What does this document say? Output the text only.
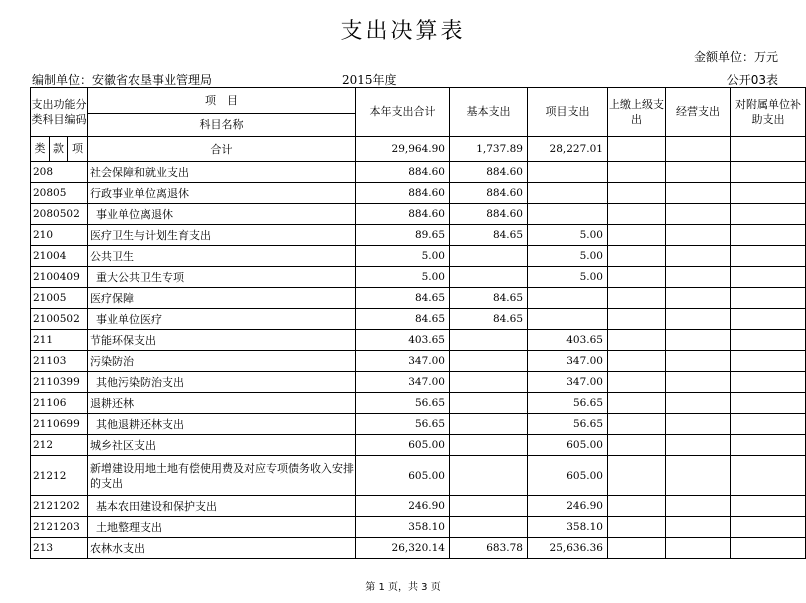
支出决算表
金额单位：万元
编制单位：安徽省农垦事业管理局	2015年度	公开03表
支出功能分类科目编码			项　目	本年支出合计	基本支出	项目支出	上缴上级支出	经营支出	对附属单位补助支出
			科目名称						
类	款	项	合计	29,964.90	1,737.89	28,227.01			
208			社会保障和就业支出	884.60	884.60				
20805			行政事业单位离退休	884.60	884.60				
2080502			事业单位离退休	884.60	884.60				
210			医疗卫生与计划生育支出	89.65	84.65	5.00			
21004			公共卫生	5.00		5.00			
2100409			重大公共卫生专项	5.00		5.00			
21005			医疗保障	84.65	84.65				
2100502			事业单位医疗	84.65	84.65				
211			节能环保支出	403.65		403.65			
21103			污染防治	347.00		347.00			
2110399			其他污染防治支出	347.00		347.00			
21106			退耕还林	56.65		56.65			
2110699			其他退耕还林支出	56.65		56.65			
212			城乡社区支出	605.00		605.00			
21212			新增建设用地土地有偿使用费及对应专项债务收入安排的支出	605.00		605.00			
2121202			基本农田建设和保护支出	246.90		246.90			
2121203			土地整理支出	358.10		358.10			
213			农林水支出	26,320.14	683.78	25,636.36			
第 1 页，共 3 页
